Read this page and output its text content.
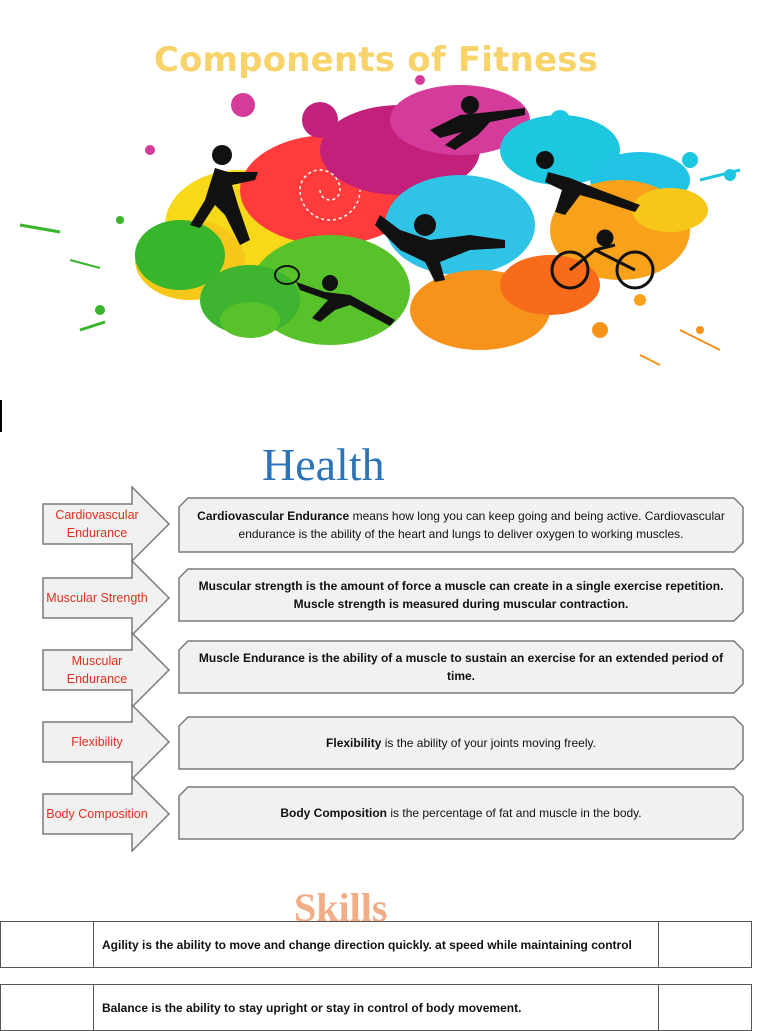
Components of Fitness
Health
Cardiovascular Endurance
Cardiovascular Endurance means how long you can keep going and being active. Cardiovascular endurance is the ability of the heart and lungs to deliver oxygen to working muscles.
Muscular Strength
Muscular strength is the amount of force a muscle can create in a single exercise repetition. Muscle strength is measured during muscular contraction.
Muscular Endurance
Muscle Endurance is the ability of a muscle to sustain an exercise for an extended period of time.
Flexibility	Flexibility is the ability of your joints moving freely.
Body Composition	Body Composition is the percentage of fat and muscle in the body.
Skills
	Agility is the ability to move and change direction quickly. at speed while maintaining control	
	Balance is the ability to stay upright or stay in control of body movement.	
